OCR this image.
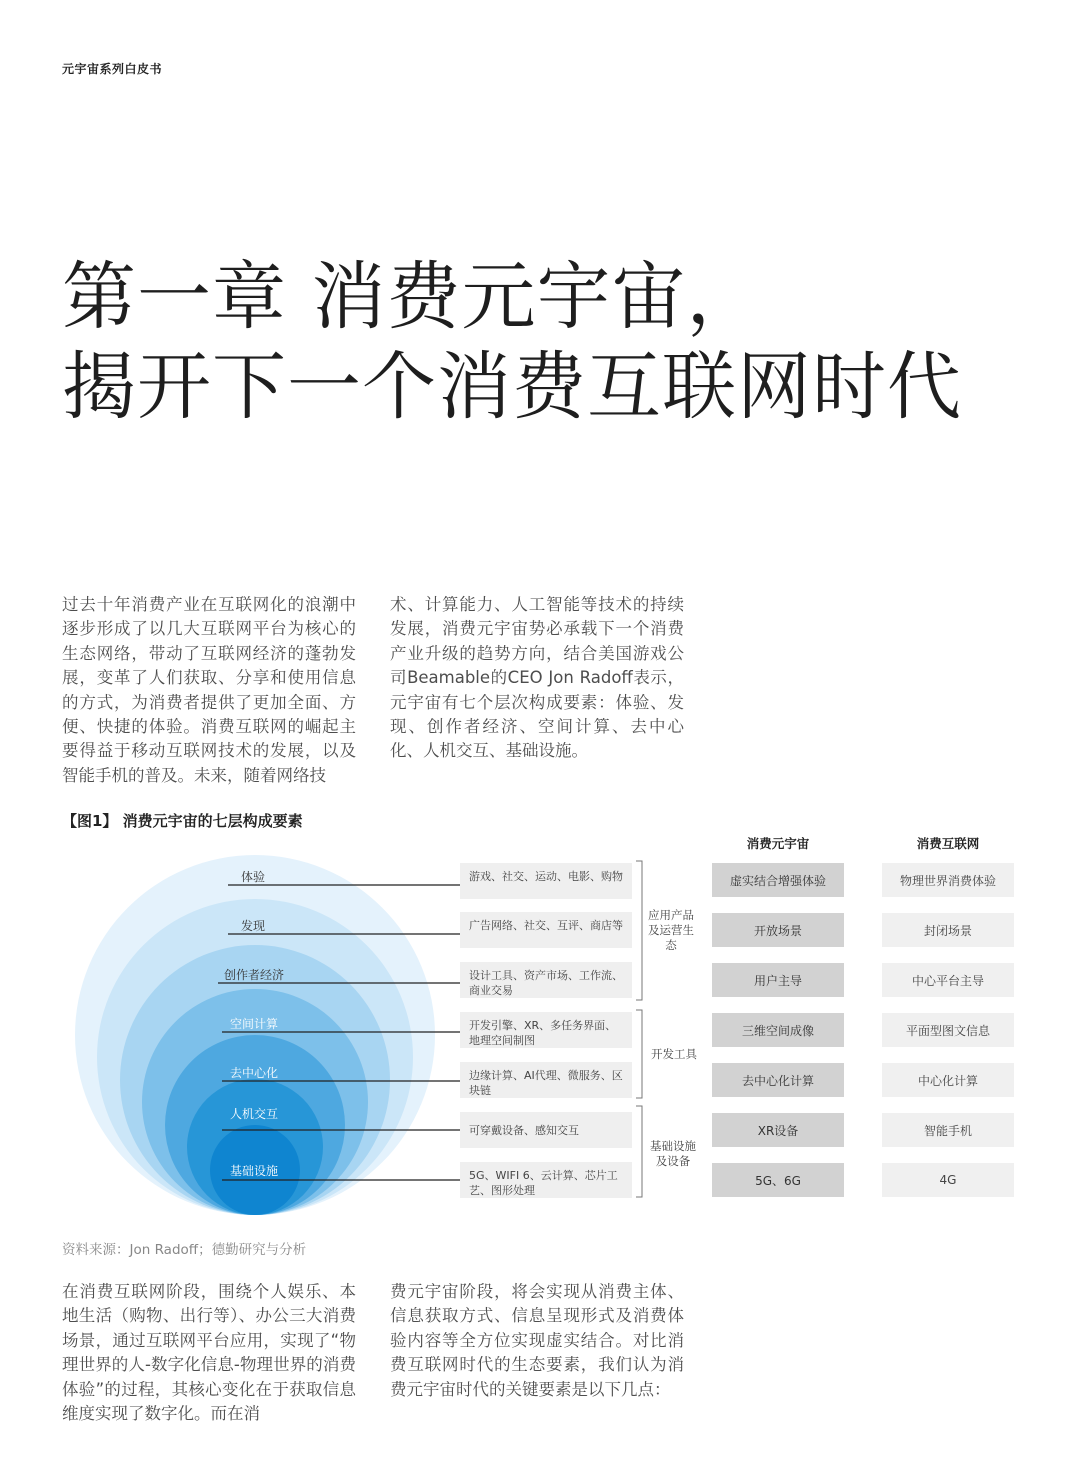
元宇宙系列白皮书
第一章 消费元宇宙，
揭开下一个消费互联网时代
过去十年消费产业在互联网化的浪潮中逐步形成了以几大互联网平台为核心的生态网络，带动了互联网经济的蓬勃发展，变革了人们获取、分享和使用信息的方式，为消费者提供了更加全面、方便、快捷的体验。消费互联网的崛起主要得益于移动互联网技术的发展，以及智能手机的普及。未来，随着网络技
术、计算能力、人工智能等技术的持续发展，消费元宇宙势必承载下一个消费产业升级的趋势方向，结合美国游戏公司Beamable的CEO Jon Radoff表示，元宇宙有七个层次构成要素：体验、发现、创作者经济、空间计算、去中心化、人机交互、基础设施。
【图1】 消费元宇宙的七层构成要素
体验
发现
创作者经济
空间计算
去中心化
人机交互
基础设施
游戏、社交、运动、电影、购物
广告网络、社交、互评、商店等
设计工具、资产市场、工作流、商业交易
开发引擎、XR、多任务界面、地理空间制图
边缘计算、AI代理、微服务、区块链
可穿戴设备、感知交互
5G、WIFI 6、云计算、芯片工艺、图形处理
应用产品及运营生态
开发工具
基础设施及设备
消费元宇宙	消费互联网
虚实结合增强体验
开放场景
用户主导
三维空间成像
去中心化计算
XR设备
5G、6G
物理世界消费体验
封闭场景
中心平台主导
平面型图文信息
中心化计算
智能手机
4G
资料来源：Jon Radoff；德勤研究与分析
在消费互联网阶段，围绕个人娱乐、本地生活（购物、出行等）、办公三大消费场景，通过互联网平台应用，实现了“物理世界的人-数字化信息-物理世界的消费体验”的过程，其核心变化在于获取信息维度实现了数字化。而在消
费元宇宙阶段，将会实现从消费主体、信息获取方式、信息呈现形式及消费体验内容等全方位实现虚实结合。对比消费互联网时代的生态要素，我们认为消费元宇宙时代的关键要素是以下几点：
